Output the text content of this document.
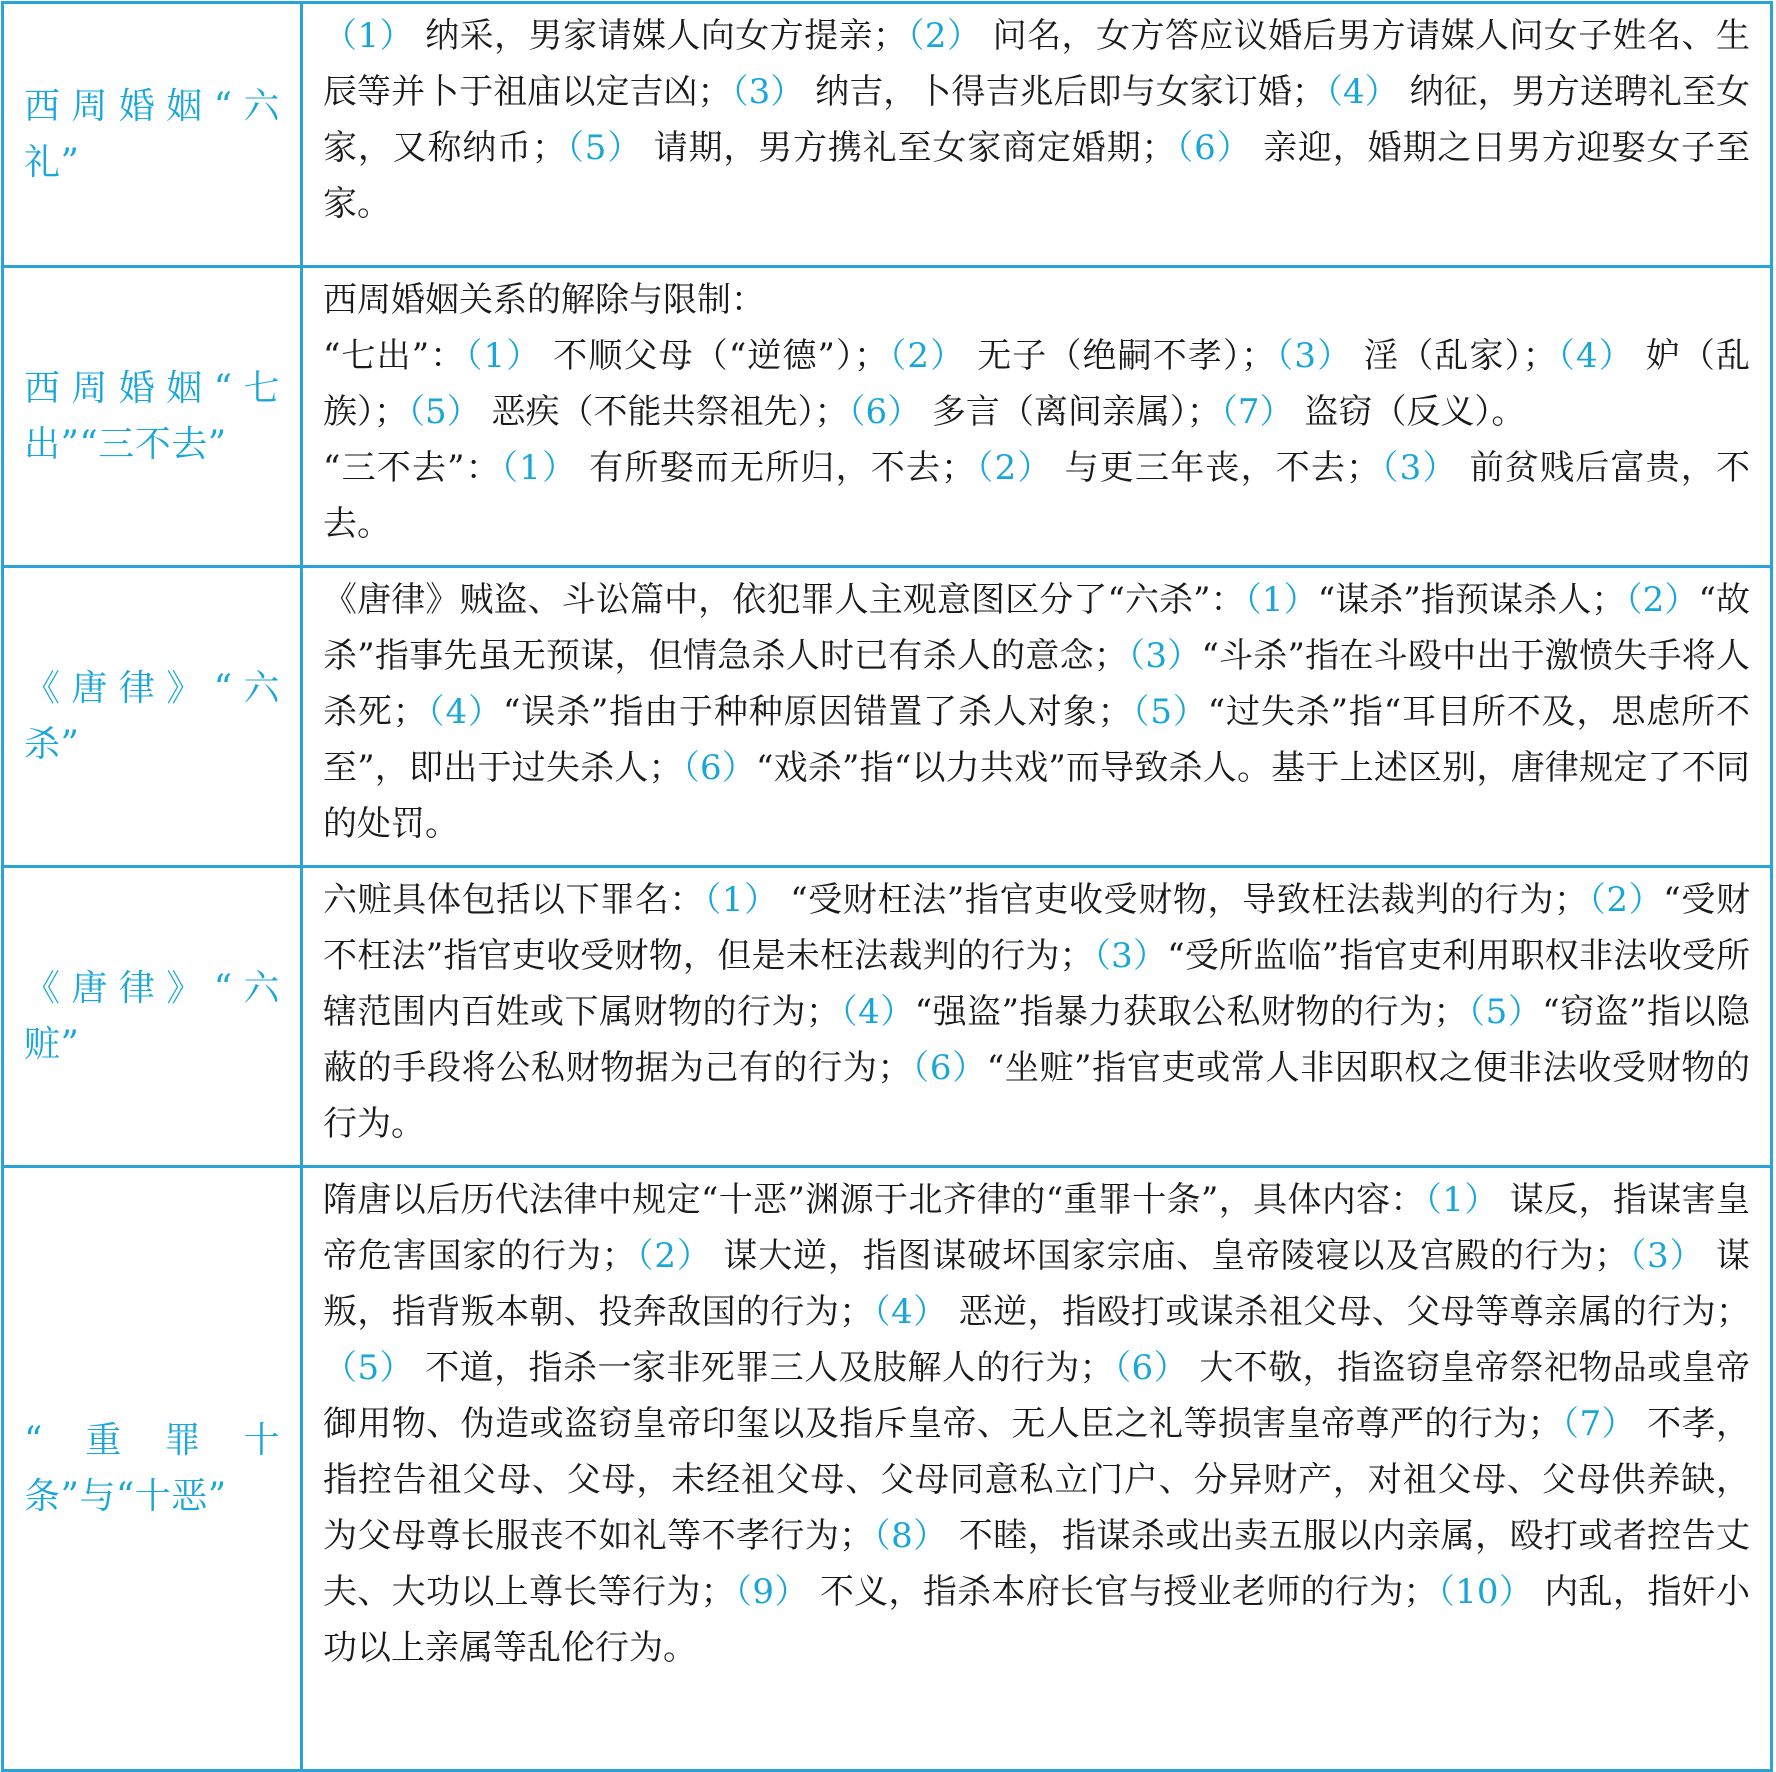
西周婚姻“六礼”	（1） 纳采，男家请媒人向女方提亲；（2） 问名，女方答应议婚后男方请媒人问女子姓名、生辰等并卜于祖庙以定吉凶；（3） 纳吉，卜得吉兆后即与女家订婚；（4） 纳征，男方送聘礼至女家，又称纳币；（5） 请期，男方携礼至女家商定婚期；（6） 亲迎，婚期之日男方迎娶女子至家。

西周婚姻“七出”“三不去”	西周婚姻关系的解除与限制：
“七出”：（1） 不顺父母（“逆德”）；（2） 无子（绝嗣不孝）；（3） 淫（乱家）；（4） 妒（乱族）；（5） 恶疾（不能共祭祖先）；（6） 多言（离间亲属）；（7） 盗窃（反义）。
“三不去”：（1） 有所娶而无所归，不去；（2） 与更三年丧，不去；（3） 前贫贱后富贵，不去。

《唐律》“六杀”	《唐律》贼盗、斗讼篇中，依犯罪人主观意图区分了“六杀”：（1）“谋杀”指预谋杀人；（2）“故杀”指事先虽无预谋，但情急杀人时已有杀人的意念；（3）“斗杀”指在斗殴中出于激愤失手将人杀死；（4）“误杀”指由于种种原因错置了杀人对象；（5）“过失杀”指“耳目所不及，思虑所不至”，即出于过失杀人；（6）“戏杀”指“以力共戏”而导致杀人。基于上述区别，唐律规定了不同的处罚。

《唐律》“六赃”	六赃具体包括以下罪名：（1） “受财枉法”指官吏收受财物，导致枉法裁判的行为；（2）“受财不枉法”指官吏收受财物，但是未枉法裁判的行为；（3）“受所监临”指官吏利用职权非法收受所辖范围内百姓或下属财物的行为；（4）“强盗”指暴力获取公私财物的行为；（5）“窃盗”指以隐蔽的手段将公私财物据为己有的行为；（6）“坐赃”指官吏或常人非因职权之便非法收受财物的行为。

“重罪十条”与“十恶”	隋唐以后历代法律中规定“十恶”渊源于北齐律的“重罪十条”，具体内容：（1） 谋反，指谋害皇帝危害国家的行为；（2） 谋大逆，指图谋破坏国家宗庙、皇帝陵寝以及宫殿的行为；（3） 谋叛，指背叛本朝、投奔敌国的行为；（4） 恶逆，指殴打或谋杀祖父母、父母等尊亲属的行为；（5） 不道，指杀一家非死罪三人及肢解人的行为；（6） 大不敬，指盗窃皇帝祭祀物品或皇帝御用物、伪造或盗窃皇帝印玺以及指斥皇帝、无人臣之礼等损害皇帝尊严的行为；（7） 不孝，指控告祖父母、父母，未经祖父母、父母同意私立门户、分异财产，对祖父母、父母供养缺，为父母尊长服丧不如礼等不孝行为；（8） 不睦，指谋杀或出卖五服以内亲属，殴打或者控告丈夫、大功以上尊长等行为；（9） 不义，指杀本府长官与授业老师的行为；（10） 内乱，指奸小功以上亲属等乱伦行为。
